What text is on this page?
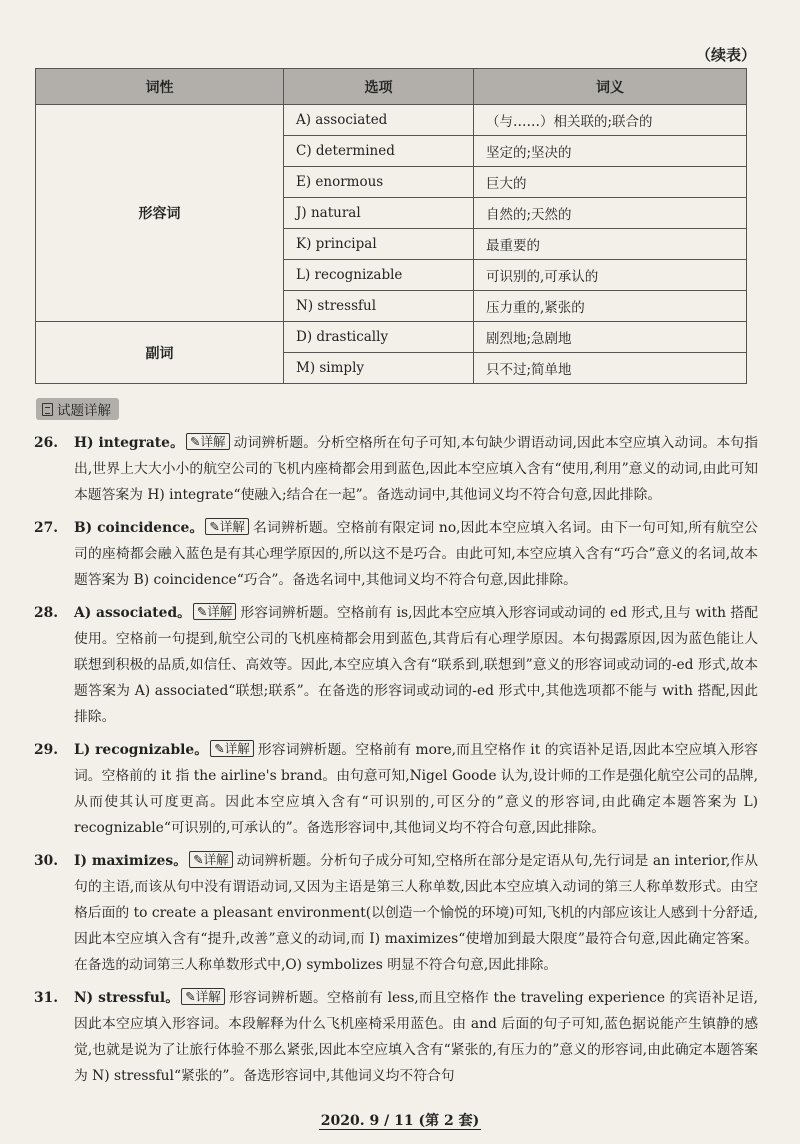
（续表）
词性	选项	词义
形容词	A) associated	（与……）相关联的;联合的
	C) determined	坚定的;坚决的
	E) enormous	巨大的
	J) natural	自然的;天然的
	K) principal	最重要的
	L) recognizable	可识别的,可承认的
	N) stressful	压力重的,紧张的
副词	D) drastically	剧烈地;急剧地
	M) simply	只不过;简单地
试题详解
26. H) integrate。 ✎详解 动词辨析题。分析空格所在句子可知,本句缺少谓语动词,因此本空应填入动词。本句指出,世界上大大小小的航空公司的飞机内座椅都会用到蓝色,因此本空应填入含有“使用,利用”意义的动词,由此可知本题答案为 H) integrate“使融入;结合在一起”。备选动词中,其他词义均不符合句意,因此排除。
27. B) coincidence。 ✎详解 名词辨析题。空格前有限定词 no,因此本空应填入名词。由下一句可知,所有航空公司的座椅都会融入蓝色是有其心理学原因的,所以这不是巧合。由此可知,本空应填入含有“巧合”意义的名词,故本题答案为 B) coincidence“巧合”。备选名词中,其他词义均不符合句意,因此排除。
28. A) associated。 ✎详解 形容词辨析题。空格前有 is,因此本空应填入形容词或动词的 ed 形式,且与 with 搭配使用。空格前一句提到,航空公司的飞机座椅都会用到蓝色,其背后有心理学原因。本句揭露原因,因为蓝色能让人联想到积极的品质,如信任、高效等。因此,本空应填入含有“联系到,联想到”意义的形容词或动词的-ed 形式,故本题答案为 A) associated“联想;联系”。在备选的形容词或动词的-ed 形式中,其他选项都不能与 with 搭配,因此排除。
29. L) recognizable。 ✎详解 形容词辨析题。空格前有 more,而且空格作 it 的宾语补足语,因此本空应填入形容词。空格前的 it 指 the airline's brand。由句意可知,Nigel Goode 认为,设计师的工作是强化航空公司的品牌,从而使其认可度更高。因此本空应填入含有“可识别的,可区分的”意义的形容词,由此确定本题答案为 L) recognizable“可识别的,可承认的”。备选形容词中,其他词义均不符合句意,因此排除。
30. I) maximizes。 ✎详解 动词辨析题。分析句子成分可知,空格所在部分是定语从句,先行词是 an interior,作从句的主语,而该从句中没有谓语动词,又因为主语是第三人称单数,因此本空应填入动词的第三人称单数形式。由空格后面的 to create a pleasant environment(以创造一个愉悦的环境)可知,飞机的内部应该让人感到十分舒适,因此本空应填入含有“提升,改善”意义的动词,而 I) maximizes“使增加到最大限度”最符合句意,因此确定答案。在备选的动词第三人称单数形式中,O) symbolizes 明显不符合句意,因此排除。
31. N) stressful。 ✎详解 形容词辨析题。空格前有 less,而且空格作 the traveling experience 的宾语补足语,因此本空应填入形容词。本段解释为什么飞机座椅采用蓝色。由 and 后面的句子可知,蓝色据说能产生镇静的感觉,也就是说为了让旅行体验不那么紧张,因此本空应填入含有“紧张的,有压力的”意义的形容词,由此确定本题答案为 N) stressful“紧张的”。备选形容词中,其他词义均不符合句
2020. 9 / 11 (第 2 套)
